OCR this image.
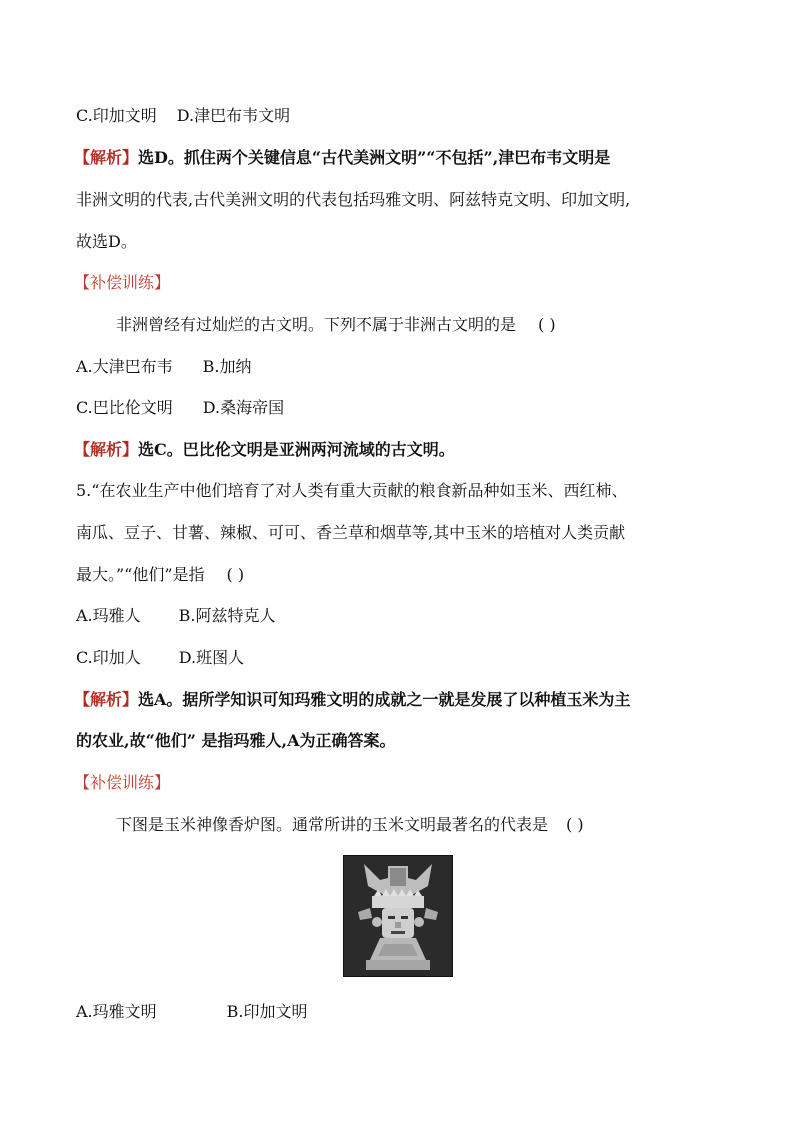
C.印加文明 D.津巴布韦文明
【解析】选D。抓住两个关键信息“古代美洲文明”“不包括”,津巴布韦文明是
非洲文明的代表,古代美洲文明的代表包括玛雅文明、阿兹特克文明、印加文明,
故选D。
【补偿训练】
非洲曾经有过灿烂的古文明。下列不属于非洲古文明的是 ( )
A.大津巴布韦 B.加纳
C.巴比伦文明 D.桑海帝国
【解析】选C。巴比伦文明是亚洲两河流域的古文明。
5.“在农业生产中他们培育了对人类有重大贡献的粮食新品种如玉米、西红柿、
南瓜、豆子、甘薯、辣椒、可可、香兰草和烟草等,其中玉米的培植对人类贡献
最大。”“他们”是指 ( )
A.玛雅人 B.阿兹特克人
C.印加人 D.班图人
【解析】选A。据所学知识可知玛雅文明的成就之一就是发展了以种植玉米为主
的农业,故“他们” 是指玛雅人,A为正确答案。
【补偿训练】
下图是玉米神像香炉图。通常所讲的玉米文明最著名的代表是 ( )
A.玛雅文明	B.印加文明
